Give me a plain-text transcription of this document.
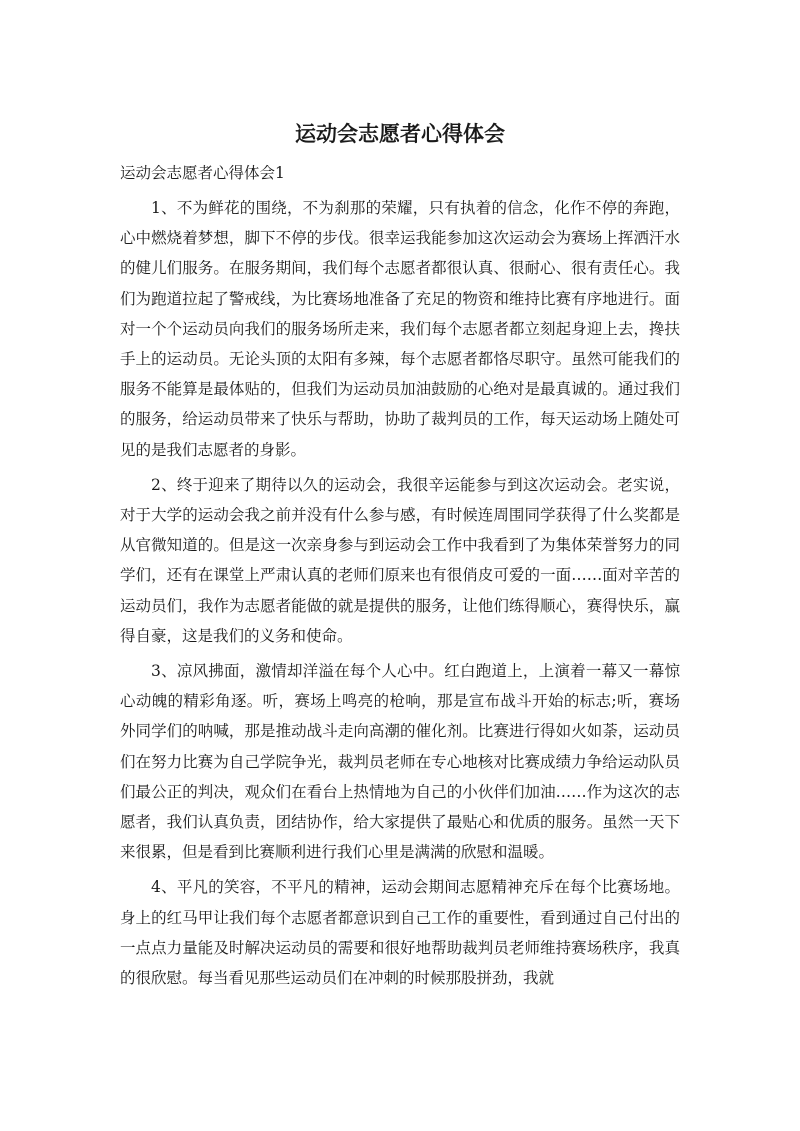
运动会志愿者心得体会

运动会志愿者心得体会1

1、不为鲜花的围绕，不为刹那的荣耀，只有执着的信念，化作不停的奔跑，心中燃烧着梦想，脚下不停的步伐。很幸运我能参加这次运动会为赛场上挥洒汗水的健儿们服务。在服务期间，我们每个志愿者都很认真、很耐心、很有责任心。我们为跑道拉起了警戒线，为比赛场地准备了充足的物资和维持比赛有序地进行。面对一个个运动员向我们的服务场所走来，我们每个志愿者都立刻起身迎上去，搀扶手上的运动员。无论头顶的太阳有多辣，每个志愿者都恪尽职守。虽然可能我们的服务不能算是最体贴的，但我们为运动员加油鼓励的心绝对是最真诚的。通过我们的服务，给运动员带来了快乐与帮助，协助了裁判员的工作，每天运动场上随处可见的是我们志愿者的身影。

2、终于迎来了期待以久的运动会，我很辛运能参与到这次运动会。老实说，对于大学的运动会我之前并没有什么参与感，有时候连周围同学获得了什么奖都是从官微知道的。但是这一次亲身参与到运动会工作中我看到了为集体荣誉努力的同学们，还有在课堂上严肃认真的老师们原来也有很俏皮可爱的一面……面对辛苦的运动员们，我作为志愿者能做的就是提供的服务，让他们练得顺心，赛得快乐，赢得自豪，这是我们的义务和使命。

3、凉风拂面，激情却洋溢在每个人心中。红白跑道上，上演着一幕又一幕惊心动魄的精彩角逐。听，赛场上鸣亮的枪响，那是宣布战斗开始的标志;听，赛场外同学们的呐喊，那是推动战斗走向高潮的催化剂。比赛进行得如火如荼，运动员们在努力比赛为自己学院争光，裁判员老师在专心地核对比赛成绩力争给运动队员们最公正的判决，观众们在看台上热情地为自己的小伙伴们加油……作为这次的志愿者，我们认真负责，团结协作，给大家提供了最贴心和优质的服务。虽然一天下来很累，但是看到比赛顺利进行我们心里是满满的欣慰和温暖。

4、平凡的笑容，不平凡的精神，运动会期间志愿精神充斥在每个比赛场地。身上的红马甲让我们每个志愿者都意识到自己工作的重要性，看到通过自己付出的一点点力量能及时解决运动员的需要和很好地帮助裁判员老师维持赛场秩序，我真的很欣慰。每当看见那些运动员们在冲刺的时候那股拼劲，我就
